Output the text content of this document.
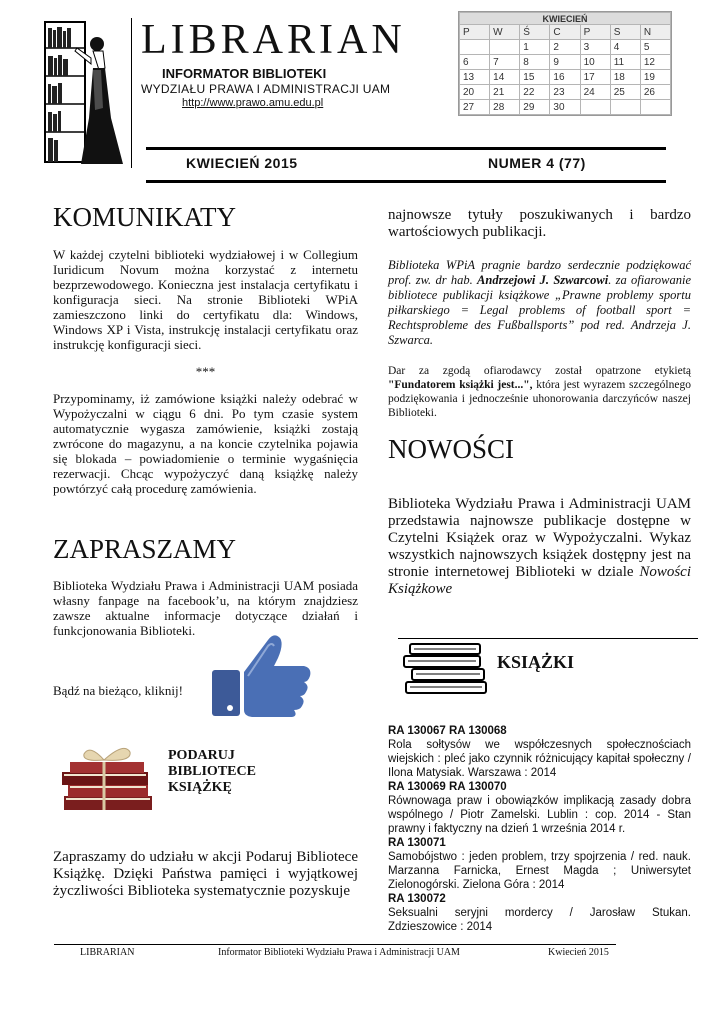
LIBRARIAN
INFORMATOR BIBLIOTEKI
WYDZIAŁU PRAWA I ADMINISTRACJI UAM
http://www.prawo.amu.edu.pl
KWIECIEŃ						
P	W	Ś	C	P	S	N
		1	2	3	4	5
6	7	8	9	10	11	12
13	14	15	16	17	18	19
20	21	22	23	24	25	26
27	28	29	30			
KWIECIEŃ 2015	NUMER 4 (77)
KOMUNIKATY

W każdej czytelni biblioteki wydziałowej i w Collegium Iuridicum Novum można korzystać z internetu bezprzewodowego. Konieczna jest instalacja certyfikatu i konfiguracja sieci. Na stronie Biblioteki WPiA zamieszczono linki do certyfikatu dla: Windows, Windows XP i Vista, instrukcję instalacji certyfikatu oraz instrukcję konfiguracji sieci.

***

Przypominamy, iż zamówione książki należy odebrać w Wypożyczalni w ciągu 6 dni. Po tym czasie system automatycznie wygasza zamówienie, książki zostają zwrócone do magazynu, a na koncie czytelnika pojawia się blokada – powiadomienie o terminie wygaśnięcia rezerwacji. Chcąc wypożyczyć daną książkę należy powtórzyć całą procedurę zamówienia.

ZAPRASZAMY

Biblioteka Wydziału Prawa i Administracji UAM posiada własny fanpage na facebook’u, na którym znajdziesz zawsze aktualne informacje dotyczące działań i funkcjonowania Biblioteki.

Bądź na bieżąco, kliknij!
PODARUJ
BIBLIOTECE
KSIĄŻKĘ

Zapraszamy do udziału w akcji Podaruj Bibliotece Książkę. Dzięki Państwa pamięci i wyjątkowej życzliwości Biblioteka systematycznie pozyskuje

najnowsze tytuły poszukiwanych i bardzo wartościowych publikacji.

Biblioteka WPiA pragnie bardzo serdecznie podziękować prof. zw. dr hab. Andrzejowi J. Szwarcowi. za ofiarowanie bibliotece publikacji książkowe „Prawne problemy sportu piłkarskiego = Legal problems of football sport = Rechtsprobleme des Fußballsports” pod red. Andrzeja J. Szwarca.

Dar za zgodą ofiarodawcy został opatrzone etykietą "Fundatorem książki jest...", która jest wyrazem szczególnego podziękowania i jednocześnie uhonorowania darczyńców naszej Biblioteki.

NOWOŚCI

Biblioteka Wydziału Prawa i Administracji UAM przedstawia najnowsze publikacje dostępne w Czytelni Książek oraz w Wypożyczalni. Wykaz wszystkich najnowszych książek dostępny jest na stronie internetowej Biblioteki w dziale Nowości Książkowe

KSIĄŻKI
RA 130067 RA 130068
Rola sołtysów we współczesnych społecznościach wiejskich : pleć jako czynnik różnicujący kapitał społeczny / Ilona Matysiak. Warszawa : 2014
RA 130069 RA 130070
Równowaga praw i obowiązków implikacją zasady dobra wspólnego / Piotr Zamelski. Lublin : cop. 2014 - Stan prawny i faktyczny na dzień 1 września 2014 r.
RA 130071
Samobójstwo : jeden problem, trzy spojrzenia / red. nauk. Marzanna Farnicka, Ernest Magda ; Uniwersytet Zielonogórski. Zielona Góra : 2014
RA 130072
Seksualni seryjni mordercy / Jarosław Stukan. Zdzieszowice : 2014
LIBRARIAN	Informator Biblioteki Wydziału Prawa i Administracji UAM	Kwiecień 2015
